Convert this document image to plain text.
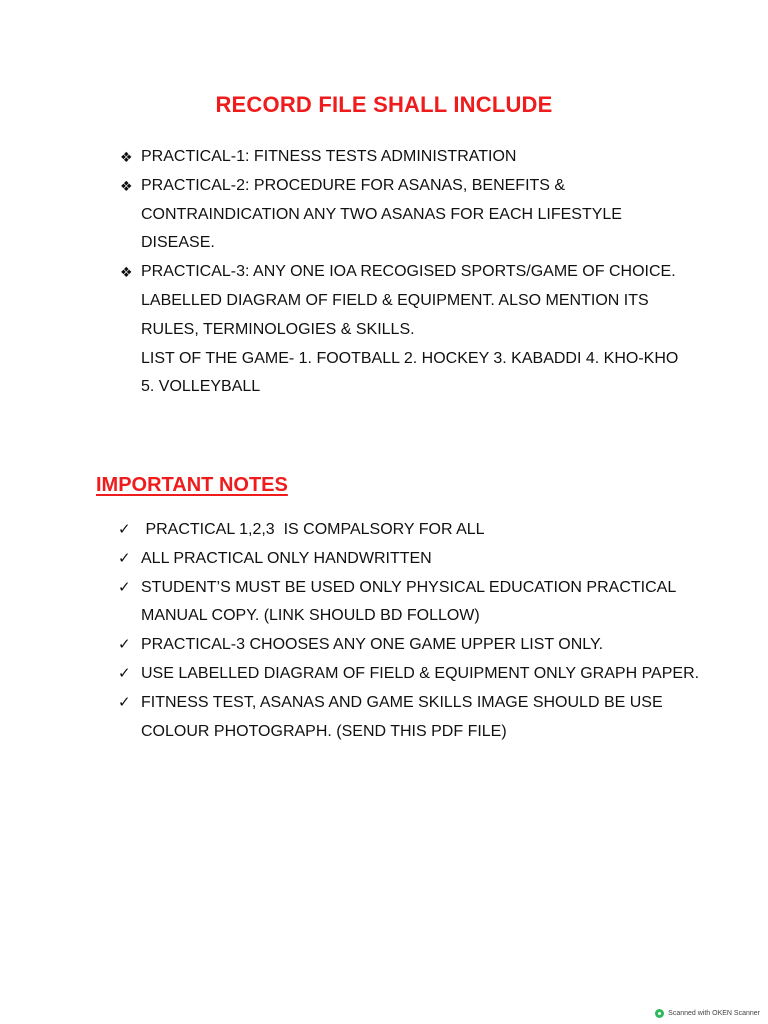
RECORD FILE SHALL INCLUDE
❖ PRACTICAL-1: FITNESS TESTS ADMINISTRATION
❖ PRACTICAL-2: PROCEDURE FOR ASANAS, BENEFITS & CONTRAINDICATION ANY TWO ASANAS FOR EACH LIFESTYLE DISEASE.
❖ PRACTICAL-3: ANY ONE IOA RECOGISED SPORTS/GAME OF CHOICE. LABELLED DIAGRAM OF FIELD & EQUIPMENT. ALSO MENTION ITS RULES, TERMINOLOGIES & SKILLS.
LIST OF THE GAME- 1. FOOTBALL 2. HOCKEY 3. KABADDI 4. KHO-KHO 5. VOLLEYBALL
IMPORTANT NOTES
✓ PRACTICAL 1,2,3  IS COMPALSORY FOR ALL
✓ ALL PRACTICAL ONLY HANDWRITTEN
✓ STUDENT’S MUST BE USED ONLY PHYSICAL EDUCATION PRACTICAL MANUAL COPY. (LINK SHOULD BD FOLLOW)
✓ PRACTICAL-3 CHOOSES ANY ONE GAME UPPER LIST ONLY.
✓ USE LABELLED DIAGRAM OF FIELD & EQUIPMENT ONLY GRAPH PAPER.
✓ FITNESS TEST, ASANAS AND GAME SKILLS IMAGE SHOULD BE USE COLOUR PHOTOGRAPH. (SEND THIS PDF FILE)
Scanned with OKEN Scanner
